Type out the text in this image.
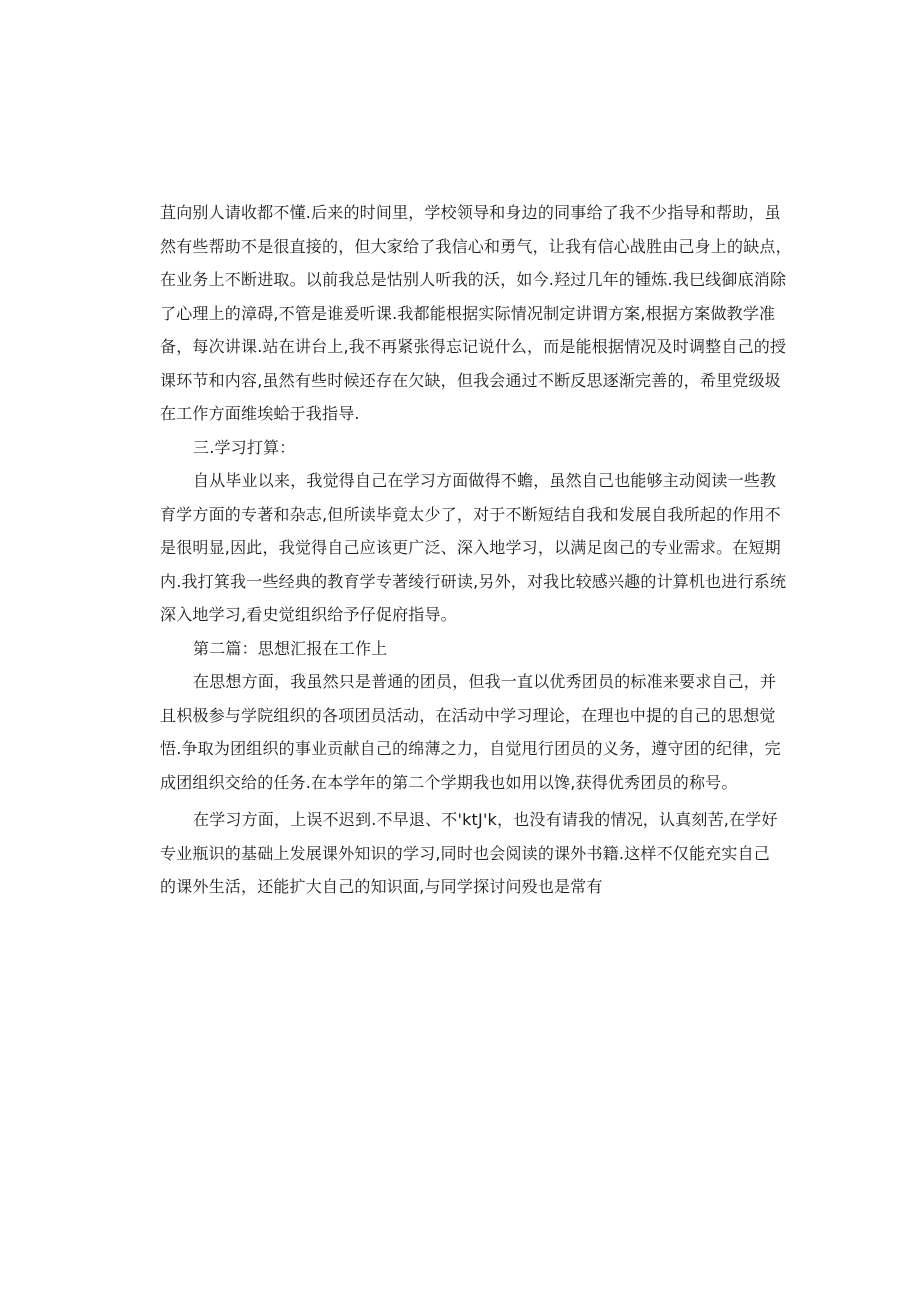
苴向别人请收都不懂.后来的时间里，学校领导和身边的同事给了我不少指导和帮助，虽
然有些帮助不是很直接的，但大家给了我信心和勇气，让我有信心战胜由己身上的缺点，
在业务上不断进取。以前我总是怙别人听我的沃，如今.羟过几年的锺炼.我巳线御底消除
了心理上的漳碍,不管是谁爰听课.我都能根据实际情况制定讲谓方案,根据方案做教学准
备，每次讲课.站在讲台上,我不再紧张得忘记说什么，而是能根据情况及时调整自己的授
课环节和内容,虽然有些时候还存在欠缺，但我会通过不断反思逐渐完善的，希里党级圾
在工作方面维埃蛤于我指导.
三.学习打算：
自从毕业以来，我觉得自己在学习方面做得不蟾，虽然自己也能够主动阅读一些教
育学方面的专著和杂志,但所读毕竟太少了，对于不断短结自我和发展自我所起的作用不
是很明显,因此，我觉得自己应该更广泛、深入地学习，以满足囱己的专业需求。在短期
内.我打箕我一些经典的教育学专著绫行研读,另外，对我比较感兴趣的计算机也进行系统
深入地学习,看史觉组织给予仔促府指导。
第二篇：思想汇报在工作上
在思想方面，我虽然只是普通的团员，但我一直以优秀团员的标准来要求自己，并
且枳极参与学院组织的各项团员活动，在活动中学习理论，在理也中提的自己的思想觉
悟.争取为团组织的事业贡献自己的绵薄之力，自觉甩行团员的义务，遵守团的纪律，完
成团组织交给的任务.在本学年的第二个学期我也如用以馋,获得优秀团员的称号。
在学习方面，上误不迟到.不早退、不'ktJ'k，也没有请我的情况，认真刻苦,在学好
专业瓶识的基础上发展课外知识的学习,同时也会阅读的课外书籍.这样不仅能充实自己
的课外生活，还能扩大自己的知识面,与同学探讨问殁也是常有
